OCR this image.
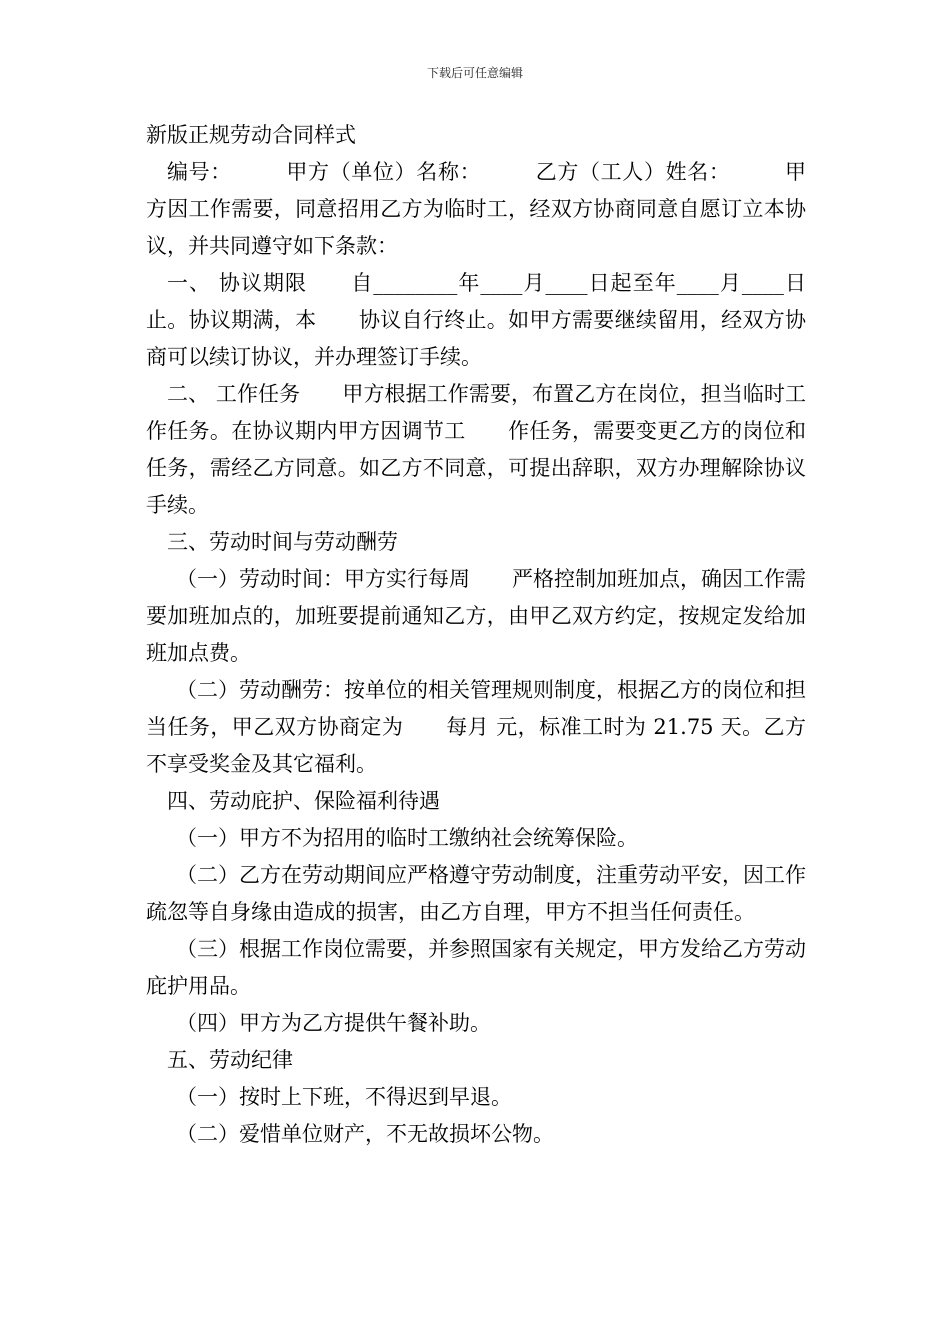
下载后可任意编辑

新版正规劳动合同样式

编号：　　　甲方（单位）名称：　　　乙方（工人）姓名：　　　甲方因工作需要，同意招用乙方为临时工，经双方协商同意自愿订立本协议，并共同遵守如下条款：

一、 协议期限　　自________年____月____日起至年____月____日止。协议期满，本　　协议自行终止。如甲方需要继续留用，经双方协商可以续订协议，并办理签订手续。

二、 工作任务　　甲方根据工作需要，布置乙方在岗位，担当临时工作任务。在协议期内甲方因调节工　　作任务，需要变更乙方的岗位和任务，需经乙方同意。如乙方不同意，可提出辞职，双方办理解除协议手续。

三、劳动时间与劳动酬劳

（一）劳动时间：甲方实行每周　　严格控制加班加点，确因工作需要加班加点的，加班要提前通知乙方，由甲乙双方约定，按规定发给加班加点费。

（二）劳动酬劳：按单位的相关管理规则制度，根据乙方的岗位和担当任务，甲乙双方协商定为　　每月 元，标准工时为 21.75 天。乙方不享受奖金及其它福利。

四、劳动庇护、保险福利待遇

（一）甲方不为招用的临时工缴纳社会统筹保险。

（二）乙方在劳动期间应严格遵守劳动制度，注重劳动平安，因工作疏忽等自身缘由造成的损害，由乙方自理，甲方不担当任何责任。

（三）根据工作岗位需要，并参照国家有关规定，甲方发给乙方劳动庇护用品。

（四）甲方为乙方提供午餐补助。

五、劳动纪律

（一）按时上下班，不得迟到早退。

（二）爱惜单位财产，不无故损坏公物。
